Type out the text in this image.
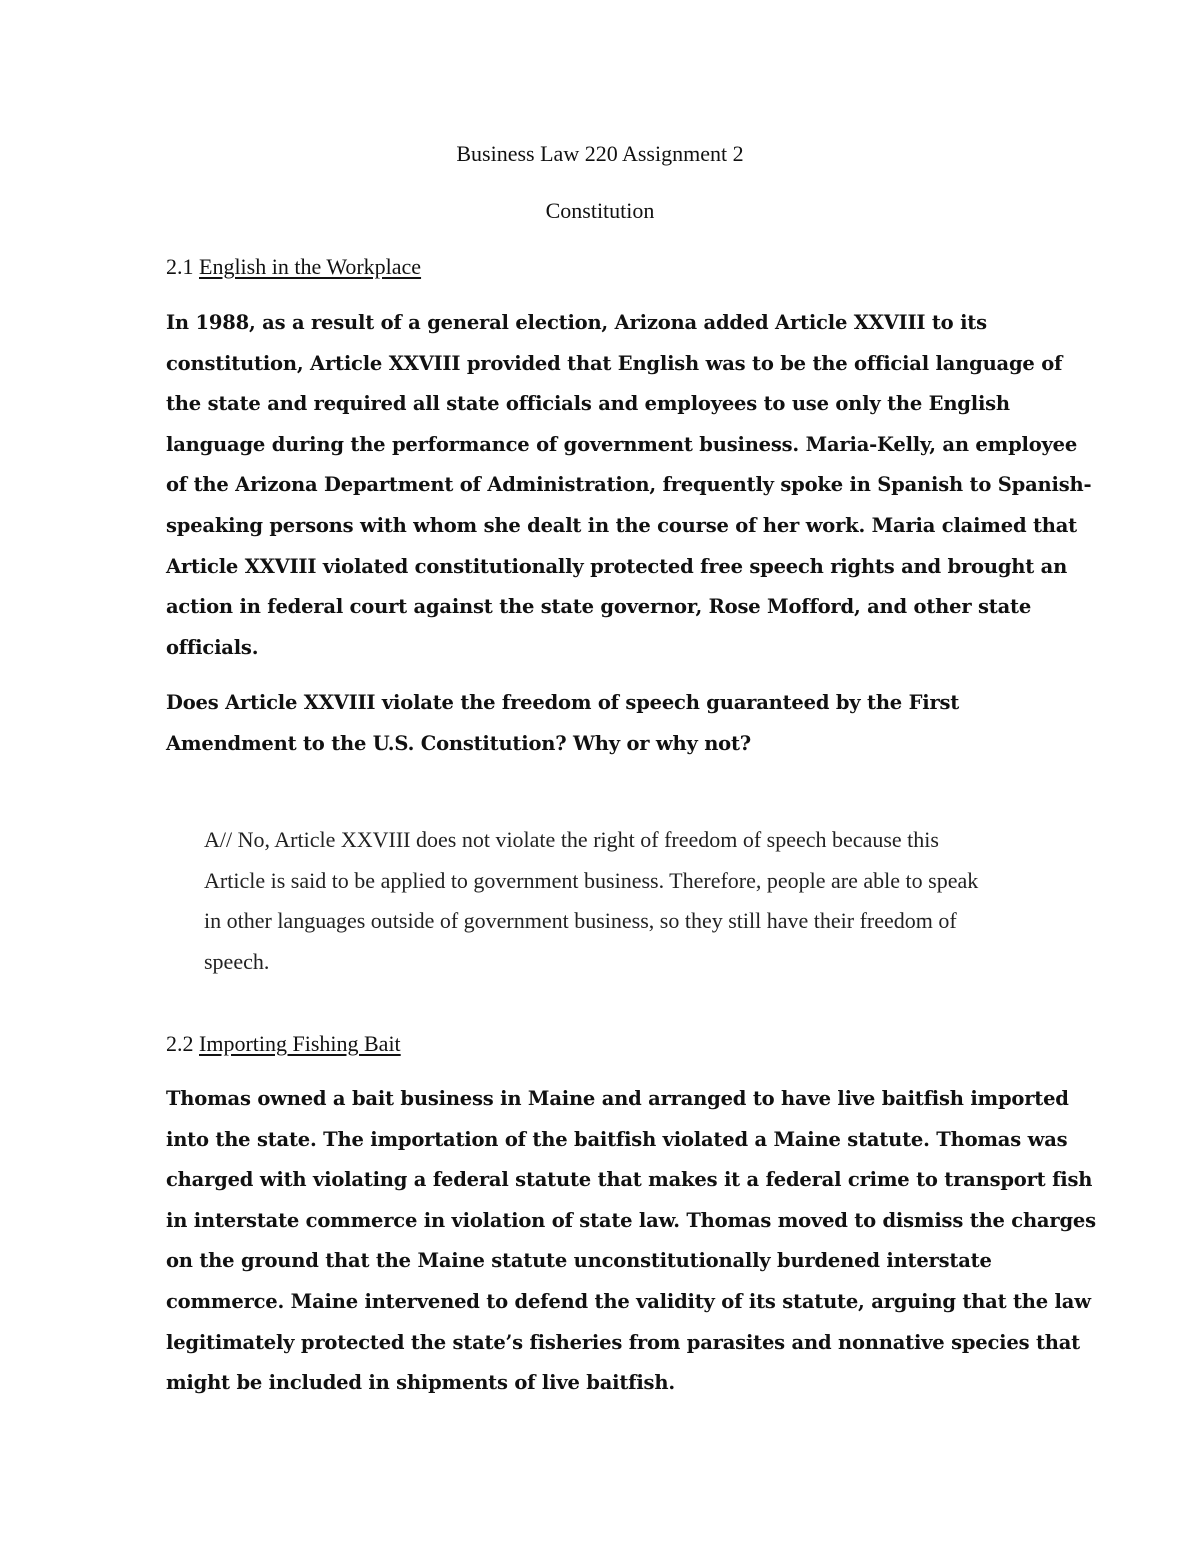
Business Law 220 Assignment 2
Constitution
2.1 English in the Workplace
In 1988, as a result of a general election, Arizona added Article XXVIII to its
constitution, Article XXVIII provided that English was to be the official language of
the state and required all state officials and employees to use only the English
language during the performance of government business. Maria-Kelly, an employee
of the Arizona Department of Administration, frequently spoke in Spanish to Spanish-
speaking persons with whom she dealt in the course of her work. Maria claimed that
Article XXVIII violated constitutionally protected free speech rights and brought an
action in federal court against the state governor, Rose Mofford, and other state
officials.
Does Article XXVIII violate the freedom of speech guaranteed by the First
Amendment to the U.S. Constitution? Why or why not?
A// No, Article XXVIII does not violate the right of freedom of speech because this
Article is said to be applied to government business. Therefore, people are able to speak
in other languages outside of government business, so they still have their freedom of
speech.
2.2 Importing Fishing Bait
Thomas owned a bait business in Maine and arranged to have live baitfish imported
into the state. The importation of the baitfish violated a Maine statute. Thomas was
charged with violating a federal statute that makes it a federal crime to transport fish
in interstate commerce in violation of state law. Thomas moved to dismiss the charges
on the ground that the Maine statute unconstitutionally burdened interstate
commerce. Maine intervened to defend the validity of its statute, arguing that the law
legitimately protected the state’s fisheries from parasites and nonnative species that
might be included in shipments of live baitfish.
